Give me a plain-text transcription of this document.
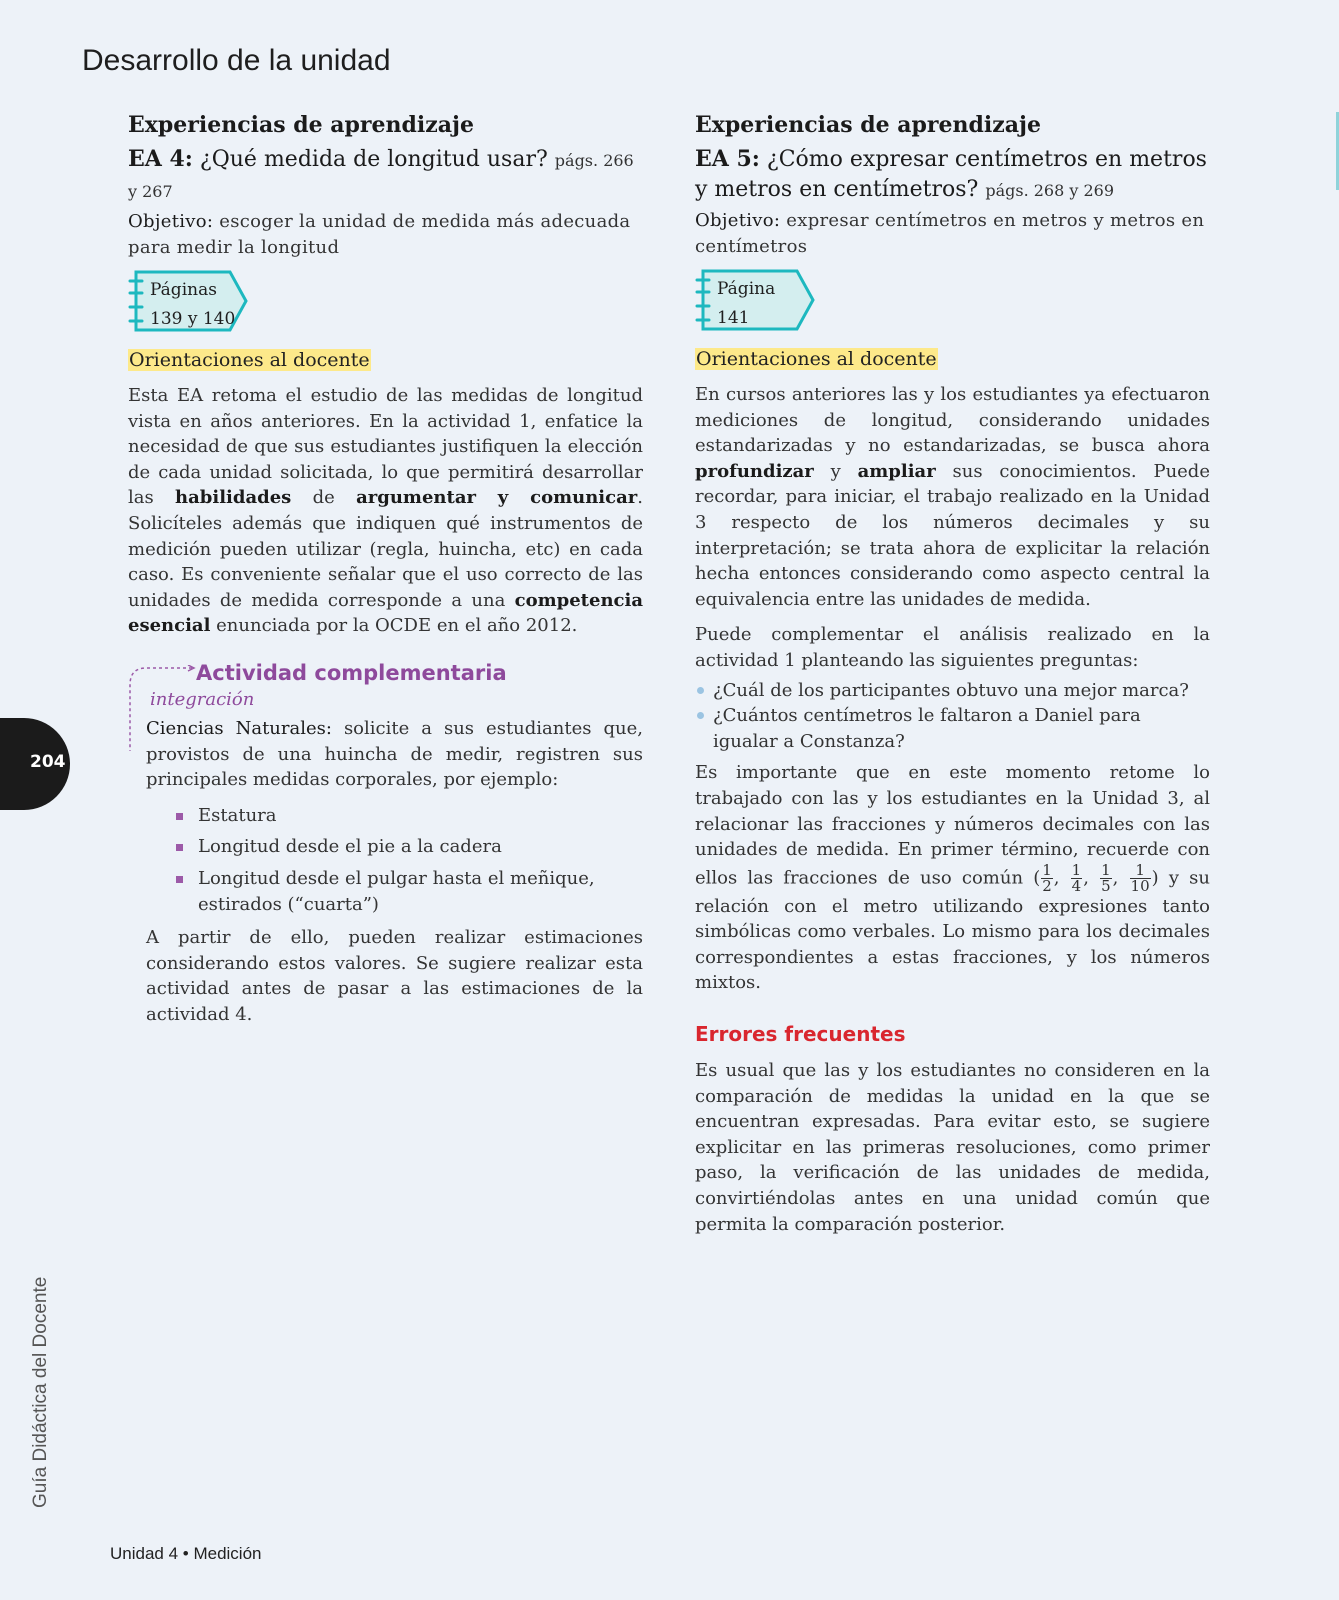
Desarrollo de la unidad
Experiencias de aprendizaje
EA 4: ¿Qué medida de longitud usar? págs. 266 y 267
Objetivo: escoger la unidad de medida más adecuada para medir la longitud
Páginas
139 y 140
Orientaciones al docente

Esta EA retoma el estudio de las medidas de longitud vista en años anteriores. En la actividad 1, enfatice la necesidad de que sus estudiantes justifiquen la elección de cada unidad solicitada, lo que permitirá desarrollar las habilidades de argumentar y comunicar. Solicíteles además que indiquen qué instrumentos de medición pueden utilizar (regla, huincha, etc) en cada caso. Es conveniente señalar que el uso correcto de las unidades de medida corresponde a una competencia esencial enunciada por la OCDE en el año 2012.

Actividad complementaria
integración

Ciencias Naturales: solicite a sus estudiantes que, provistos de una huincha de medir, registren sus principales medidas corporales, por ejemplo:

Estatura
Longitud desde el pie a la cadera
Longitud desde el pulgar hasta el meñique, estirados (“cuarta”)

A partir de ello, pueden realizar estimaciones considerando estos valores. Se sugiere realizar esta actividad antes de pasar a las estimaciones de la actividad 4.

Experiencias de aprendizaje
EA 5: ¿Cómo expresar centímetros en metros y metros en centímetros? págs. 268 y 269
Objetivo: expresar centímetros en metros y metros en centímetros
Página
141
Orientaciones al docente

En cursos anteriores las y los estudiantes ya efectuaron mediciones de longitud, considerando unidades estandarizadas y no estandarizadas, se busca ahora profundizar y ampliar sus conocimientos. Puede recordar, para iniciar, el trabajo realizado en la Unidad 3 respecto de los números decimales y su interpretación; se trata ahora de explicitar la relación hecha entonces considerando como aspecto central la equivalencia entre las unidades de medida.

Puede complementar el análisis realizado en la actividad 1 planteando las siguientes preguntas:

¿Cuál de los participantes obtuvo una mejor marca?
¿Cuántos centímetros le faltaron a Daniel para igualar a Constanza?

Es importante que en este momento retome lo trabajado con las y los estudiantes en la Unidad 3, al relacionar las fracciones y números decimales con las unidades de medida. En primer término, recuerde con ellos las fracciones de uso común ( $\frac{1}{2}$ , $\frac{1}{4}$ , $\frac{1}{5}$ , $\frac{1}{10}$ ) y su relación con el metro utilizando expresiones tanto simbólicas como verbales. Lo mismo para los decimales correspondientes a estas fracciones, y los números mixtos.

Errores frecuentes

Es usual que las y los estudiantes no consideren en la comparación de medidas la unidad en la que se encuentran expresadas. Para evitar esto, se sugiere explicitar en las primeras resoluciones, como primer paso, la verificación de las unidades de medida, convirtiéndolas antes en una unidad común que permita la comparación posterior.

204
Guía Didáctica del Docente
Unidad 4 • Medición
